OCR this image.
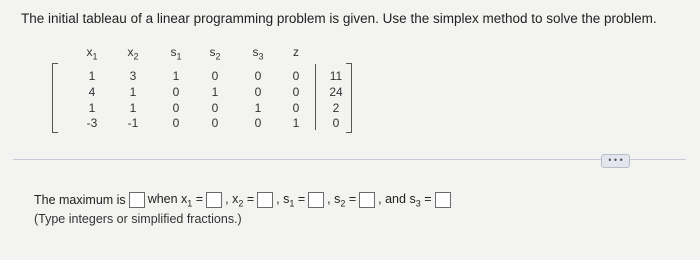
The initial tableau of a linear programming problem is given. Use the simplex method to solve the problem.
$x_1$	$x_2$	$s_1$	$s_2$	$s_3$	z
1	3	1	0	0	0	11
4	1	0	1	0	0	24
1	1	0	0	1	0	2
-3	-1	0	0	0	1	0
• • •
The maximum is when $x_1$ = , $x_2$ = , $s_1$ = , $s_2$ = , and $s_3$ =
(Type integers or simplified fractions.)
